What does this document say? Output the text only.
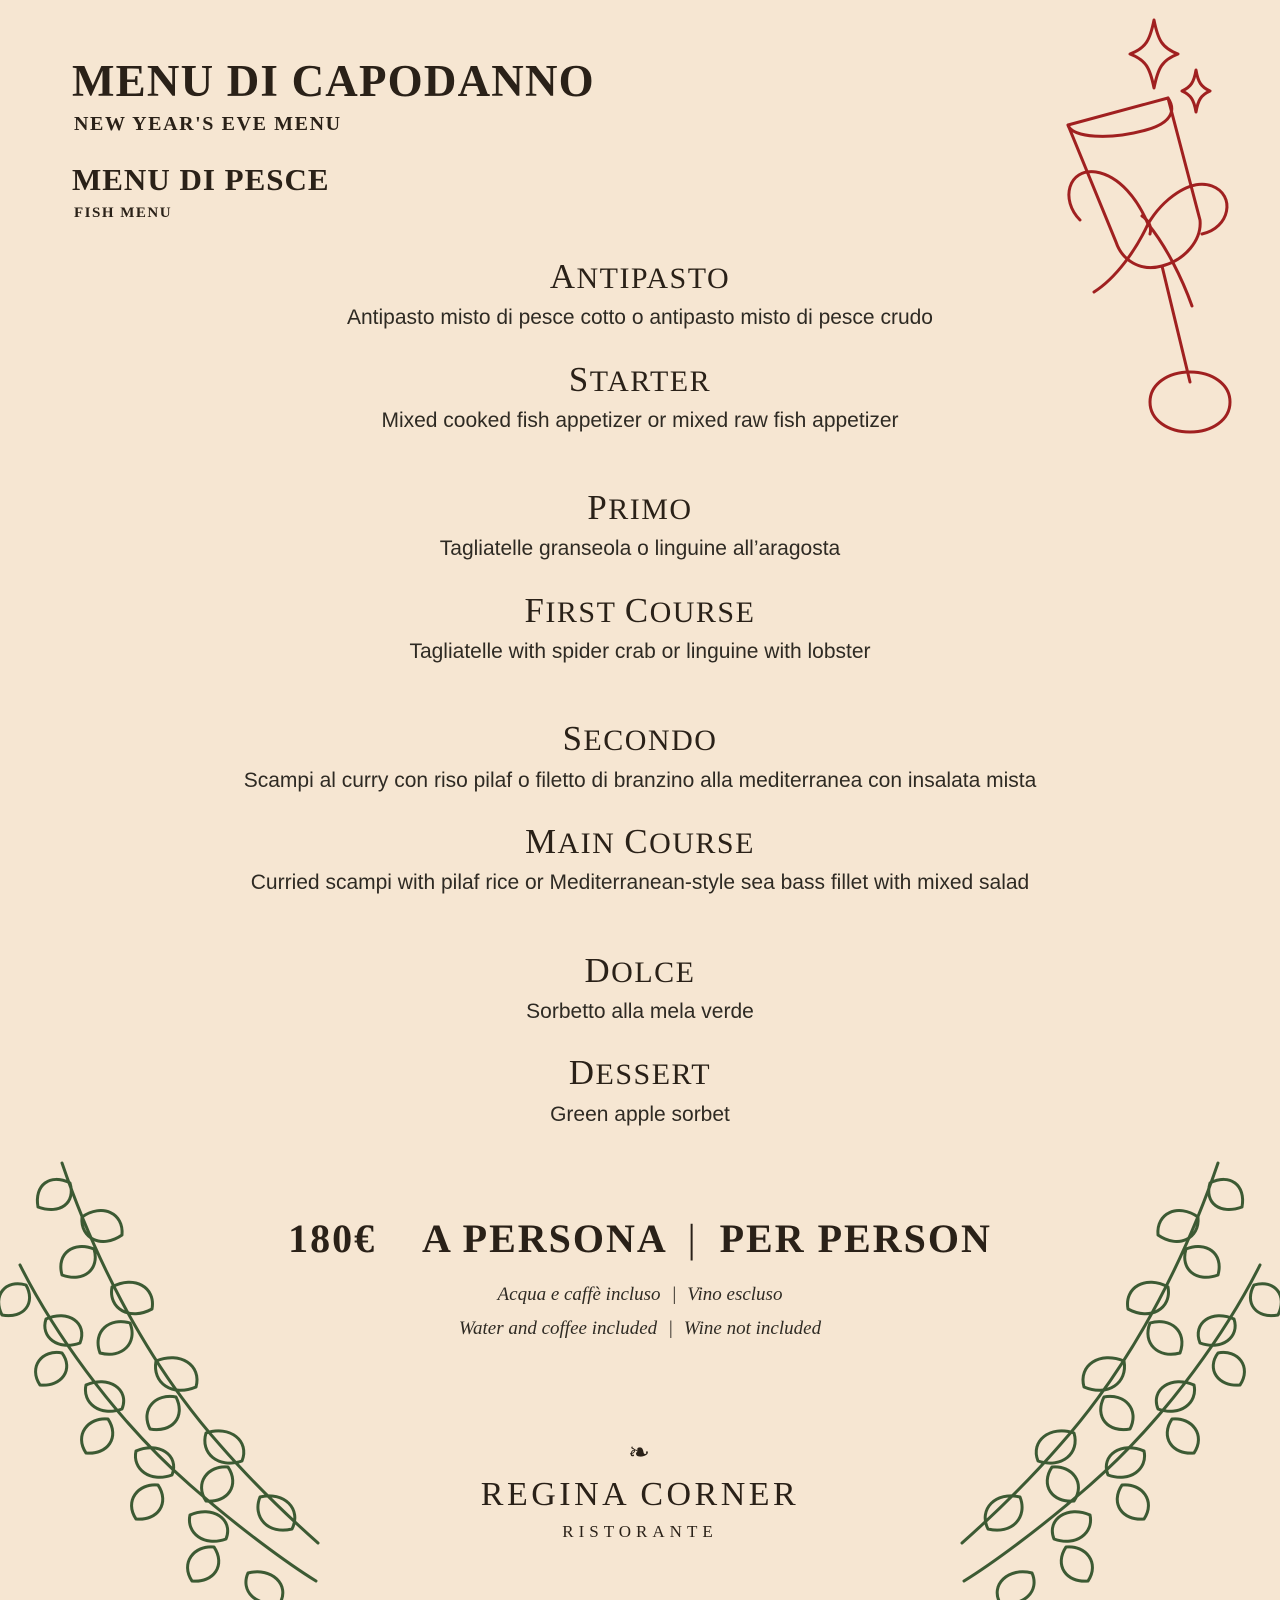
MENU DI CAPODANNO
NEW YEAR'S EVE MENU
MENU DI PESCE
FISH MENU
ANTIPASTO

Antipasto misto di pesce cotto o antipasto misto di pesce crudo

STARTER

Mixed cooked fish appetizer or mixed raw fish appetizer

PRIMO

Tagliatelle granseola o linguine all’aragosta

FIRST COURSE

Tagliatelle with spider crab or linguine with lobster

SECONDO

Scampi al curry con riso pilaf o filetto di branzino alla mediterranea con insalata mista

MAIN COURSE

Curried scampi with pilaf rice or Mediterranean-style sea bass fillet with mixed salad

DOLCE

Sorbetto alla mela verde

DESSERT

Green apple sorbet

180€ A PERSONA | PER PERSON
Acqua e caffè incluso | Vino escluso
Water and coffee included | Wine not included
❧
REGINA CORNER
RISTORANTE
